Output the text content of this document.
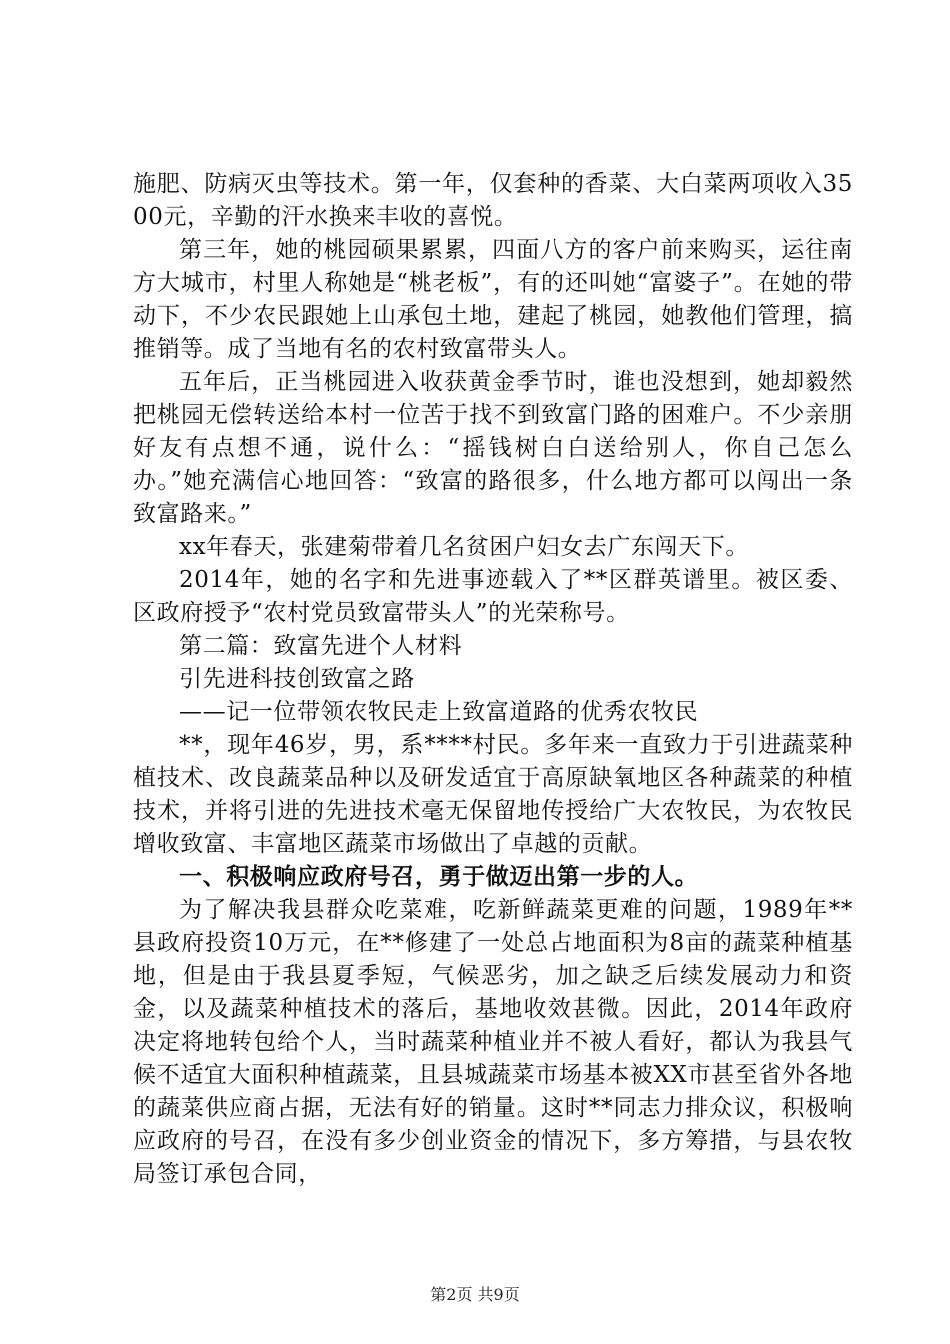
施肥、防病灭虫等技术。第一年，仅套种的香菜、大白菜两项收入3500元，辛勤的汗水换来丰收的喜悦。

第三年，她的桃园硕果累累，四面八方的客户前来购买，运往南方大城市，村里人称她是“桃老板”，有的还叫她“富婆子”。在她的带动下，不少农民跟她上山承包土地，建起了桃园，她教他们管理，搞推销等。成了当地有名的农村致富带头人。

五年后，正当桃园进入收获黄金季节时，谁也没想到，她却毅然把桃园无偿转送给本村一位苦于找不到致富门路的困难户。不少亲朋好友有点想不通，说什么：“摇钱树白白送给别人，你自己怎么办。”她充满信心地回答：“致富的路很多，什么地方都可以闯出一条致富路来。”

xx年春天，张建菊带着几名贫困户妇女去广东闯天下。

2014年，她的名字和先进事迹载入了**区群英谱里。被区委、区政府授予“农村党员致富带头人”的光荣称号。

第二篇：致富先进个人材料

引先进科技创致富之路

——记一位带领农牧民走上致富道路的优秀农牧民

**，现年46岁，男，系****村民。多年来一直致力于引进蔬菜种植技术、改良蔬菜品种以及研发适宜于高原缺氧地区各种蔬菜的种植技术，并将引进的先进技术毫无保留地传授给广大农牧民，为农牧民增收致富、丰富地区蔬菜市场做出了卓越的贡献。

一、积极响应政府号召，勇于做迈出第一步的人。

为了解决我县群众吃菜难，吃新鲜蔬菜更难的问题，1989年**县政府投资10万元，在**修建了一处总占地面积为8亩的蔬菜种植基地，但是由于我县夏季短，气候恶劣，加之缺乏后续发展动力和资金，以及蔬菜种植技术的落后，基地收效甚微。因此，2014年政府决定将地转包给个人，当时蔬菜种植业并不被人看好，都认为我县气候不适宜大面积种植蔬菜，且县城蔬菜市场基本被XX市甚至省外各地的蔬菜供应商占据，无法有好的销量。这时**同志力排众议，积极响应政府的号召，在没有多少创业资金的情况下，多方筹措，与县农牧局签订承包合同，

第2页 共9页
